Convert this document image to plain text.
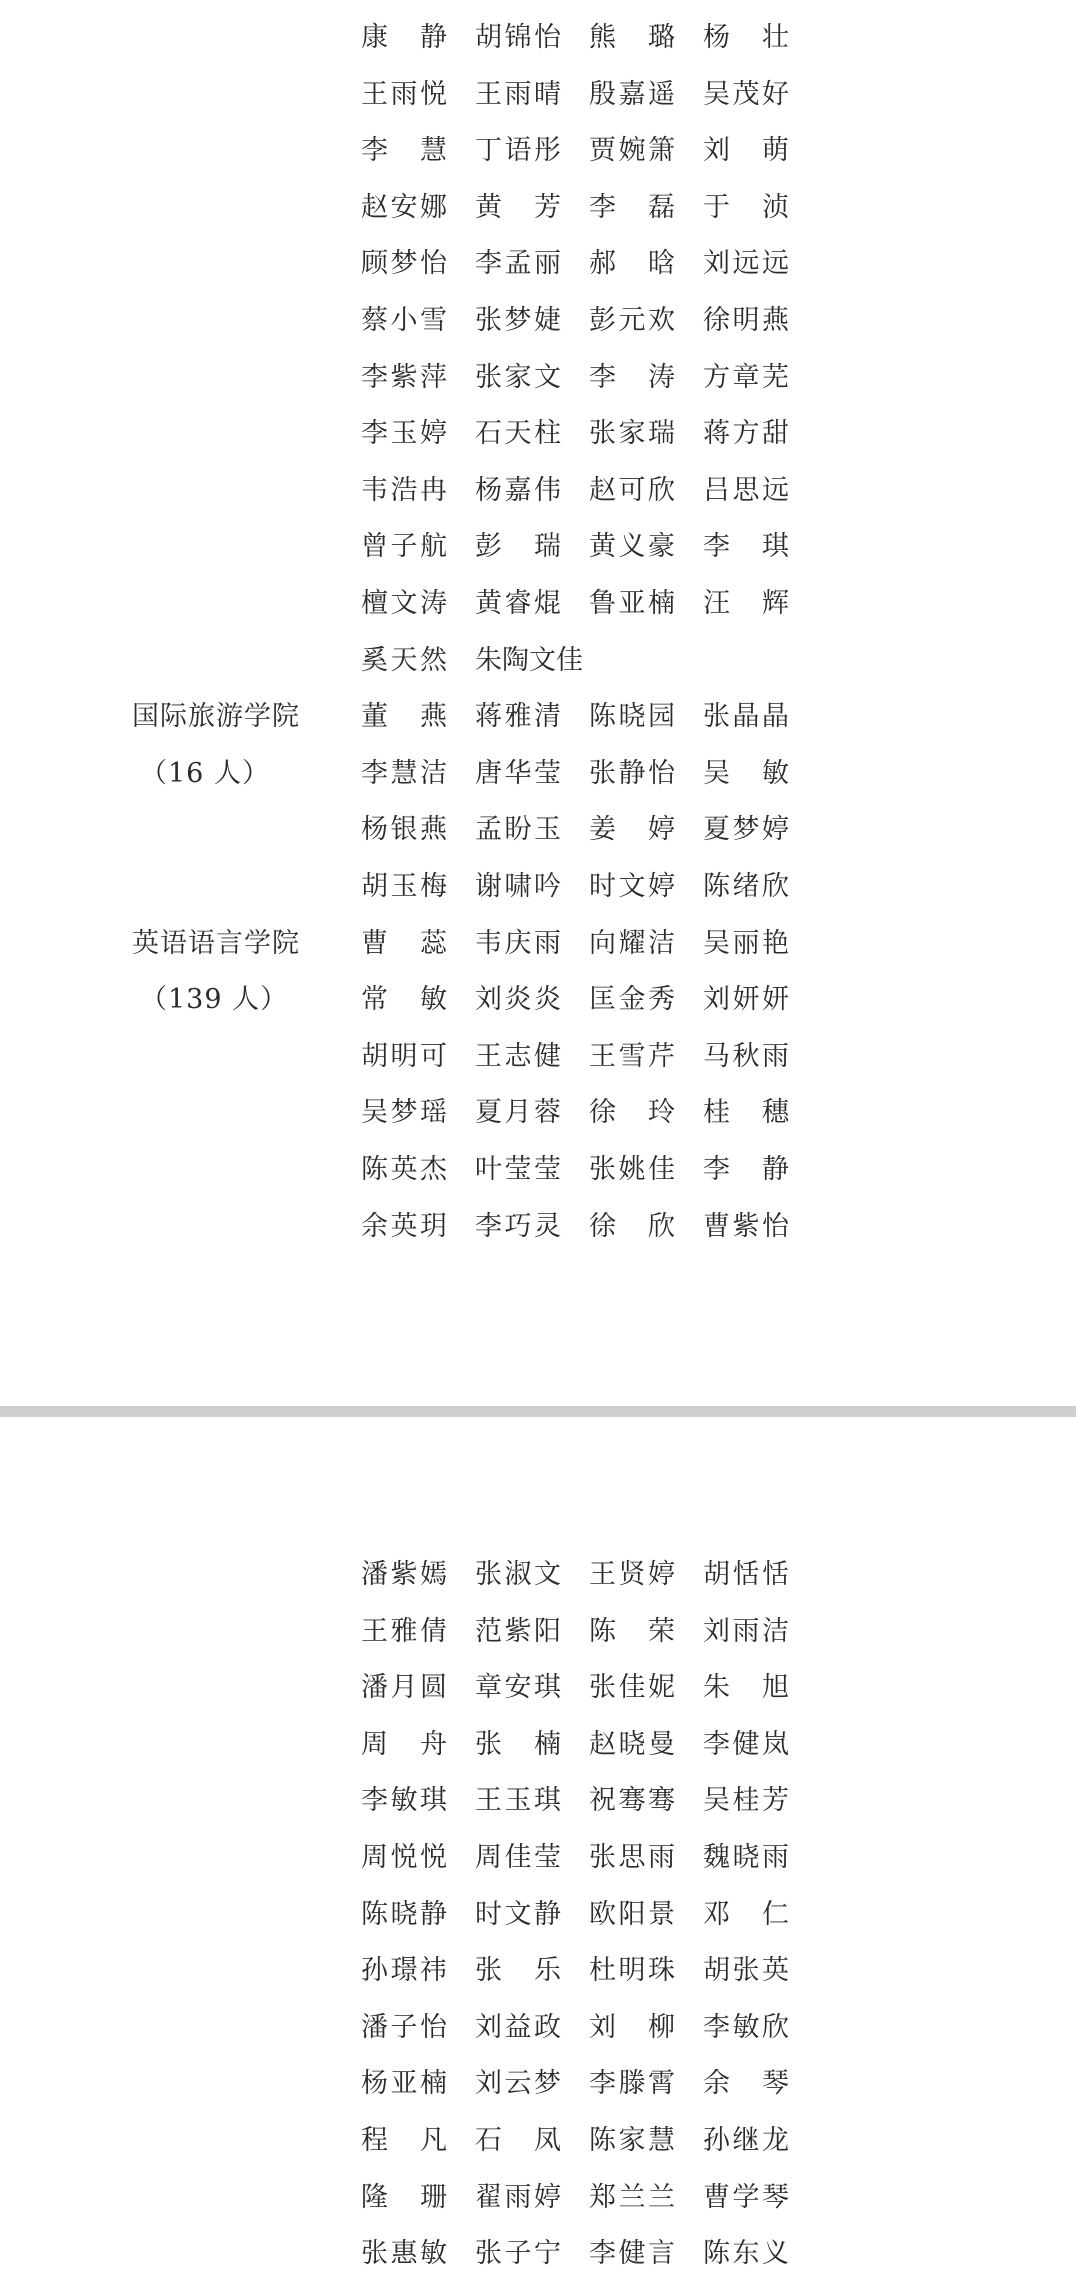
康静 胡锦怡 熊璐 杨壮
王雨悦 王雨晴 殷嘉遥 吴茂好
李慧 丁语彤 贾婉箫 刘萌
赵安娜 黄芳 李磊 于浈
顾梦怡 李孟丽 郝晗 刘远远
蔡小雪 张梦婕 彭元欢 徐明燕
李紫萍 张家文 李涛 方章芜
李玉婷 石天柱 张家瑞 蒋方甜
韦浩冉 杨嘉伟 赵可欣 吕思远
曾子航 彭瑞 黄义豪 李琪
檀文涛 黄睿焜 鲁亚楠 汪辉
奚天然 朱陶文佳
国际旅游学院
（16 人）
董燕 蒋雅清 陈晓园 张晶晶
李慧洁 唐华莹 张静怡 吴敏
杨银燕 孟盼玉 姜婷 夏梦婷
胡玉梅 谢啸吟 时文婷 陈绪欣
英语语言学院
（139 人）
曹蕊 韦庆雨 向耀洁 吴丽艳
常敏 刘炎炎 匡金秀 刘妍妍
胡明可 王志健 王雪芹 马秋雨
吴梦瑶 夏月蓉 徐玲 桂穗
陈英杰 叶莹莹 张姚佳 李静
余英玥 李巧灵 徐欣 曹紫怡
潘紫嫣 张淑文 王贤婷 胡恬恬
王雅倩 范紫阳 陈荣 刘雨洁
潘月圆 章安琪 张佳妮 朱旭
周舟 张楠 赵晓曼 李健岚
李敏琪 王玉琪 祝骞骞 吴桂芳
周悦悦 周佳莹 张思雨 魏晓雨
陈晓静 时文静 欧阳景 邓仁
孙璟祎 张乐 杜明珠 胡张英
潘子怡 刘益政 刘柳 李敏欣
杨亚楠 刘云梦 李滕霄 余琴
程凡 石凤 陈家慧 孙继龙
隆珊 翟雨婷 郑兰兰 曹学琴
张惠敏 张子宁 李健言 陈东义
